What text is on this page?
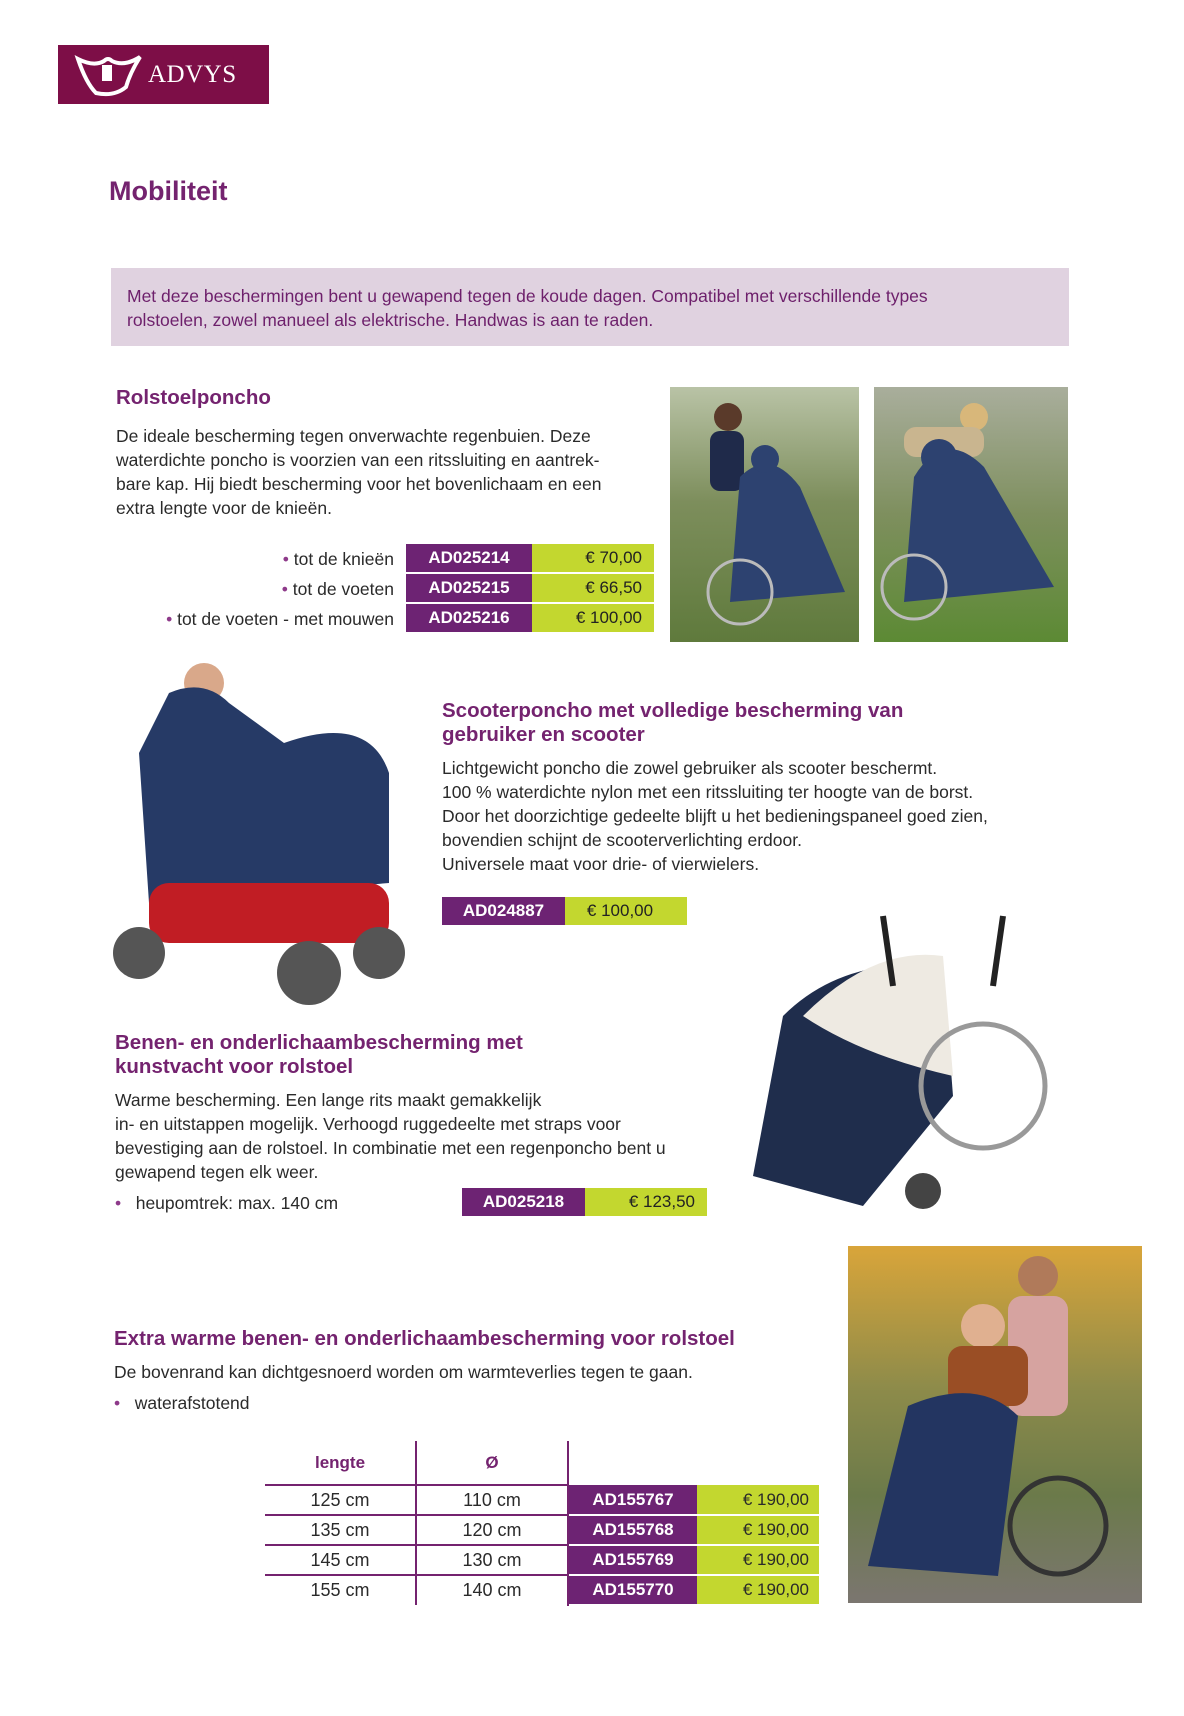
ADVYS
Mobiliteit
Met deze beschermingen bent u gewapend tegen de koude dagen. Compatibel met verschillende types
rolstoelen, zowel manueel als elektrische. Handwas is aan te raden.
Rolstoelponcho
De ideale bescherming tegen onverwachte regenbuien. Deze
waterdichte poncho is voorzien van een ritssluiting en aantrek-
bare kap. Hij biedt bescherming voor het bovenlichaam en een
extra lengte voor de knieën.
• tot de knieën	AD025214	€ 70,00
• tot de voeten	AD025215	€ 66,50
• tot de voeten - met mouwen	AD025216	€ 100,00
Scooterponcho met volledige bescherming van
gebruiker en scooter
Lichtgewicht poncho die zowel gebruiker als scooter beschermt.
100 % waterdichte nylon met een ritssluiting ter hoogte van de borst.
Door het doorzichtige gedeelte blijft u het bedieningspaneel goed zien,
bovendien schijnt de scooterverlichting erdoor.
Universele maat voor drie- of vierwielers.
AD024887	€ 100,00
Benen- en onderlichaambescherming met
kunstvacht voor rolstoel
Warme bescherming. Een lange rits maakt gemakkelijk
in- en uitstappen mogelijk. Verhoogd ruggedeelte met straps voor
bevestiging aan de rolstoel. In combinatie met een regenponcho bent u
gewapend tegen elk weer.
•   heupomtrek: max. 140 cm	AD025218	€ 123,50
Extra warme benen- en onderlichaambescherming voor rolstoel
De bovenrand kan dichtgesnoerd worden om warmteverlies tegen te gaan.
•   waterafstotend
lengte	Ø		
125 cm	110 cm	AD155767	€ 190,00
135 cm	120 cm	AD155768	€ 190,00
145 cm	130 cm	AD155769	€ 190,00
155 cm	140 cm	AD155770	€ 190,00
